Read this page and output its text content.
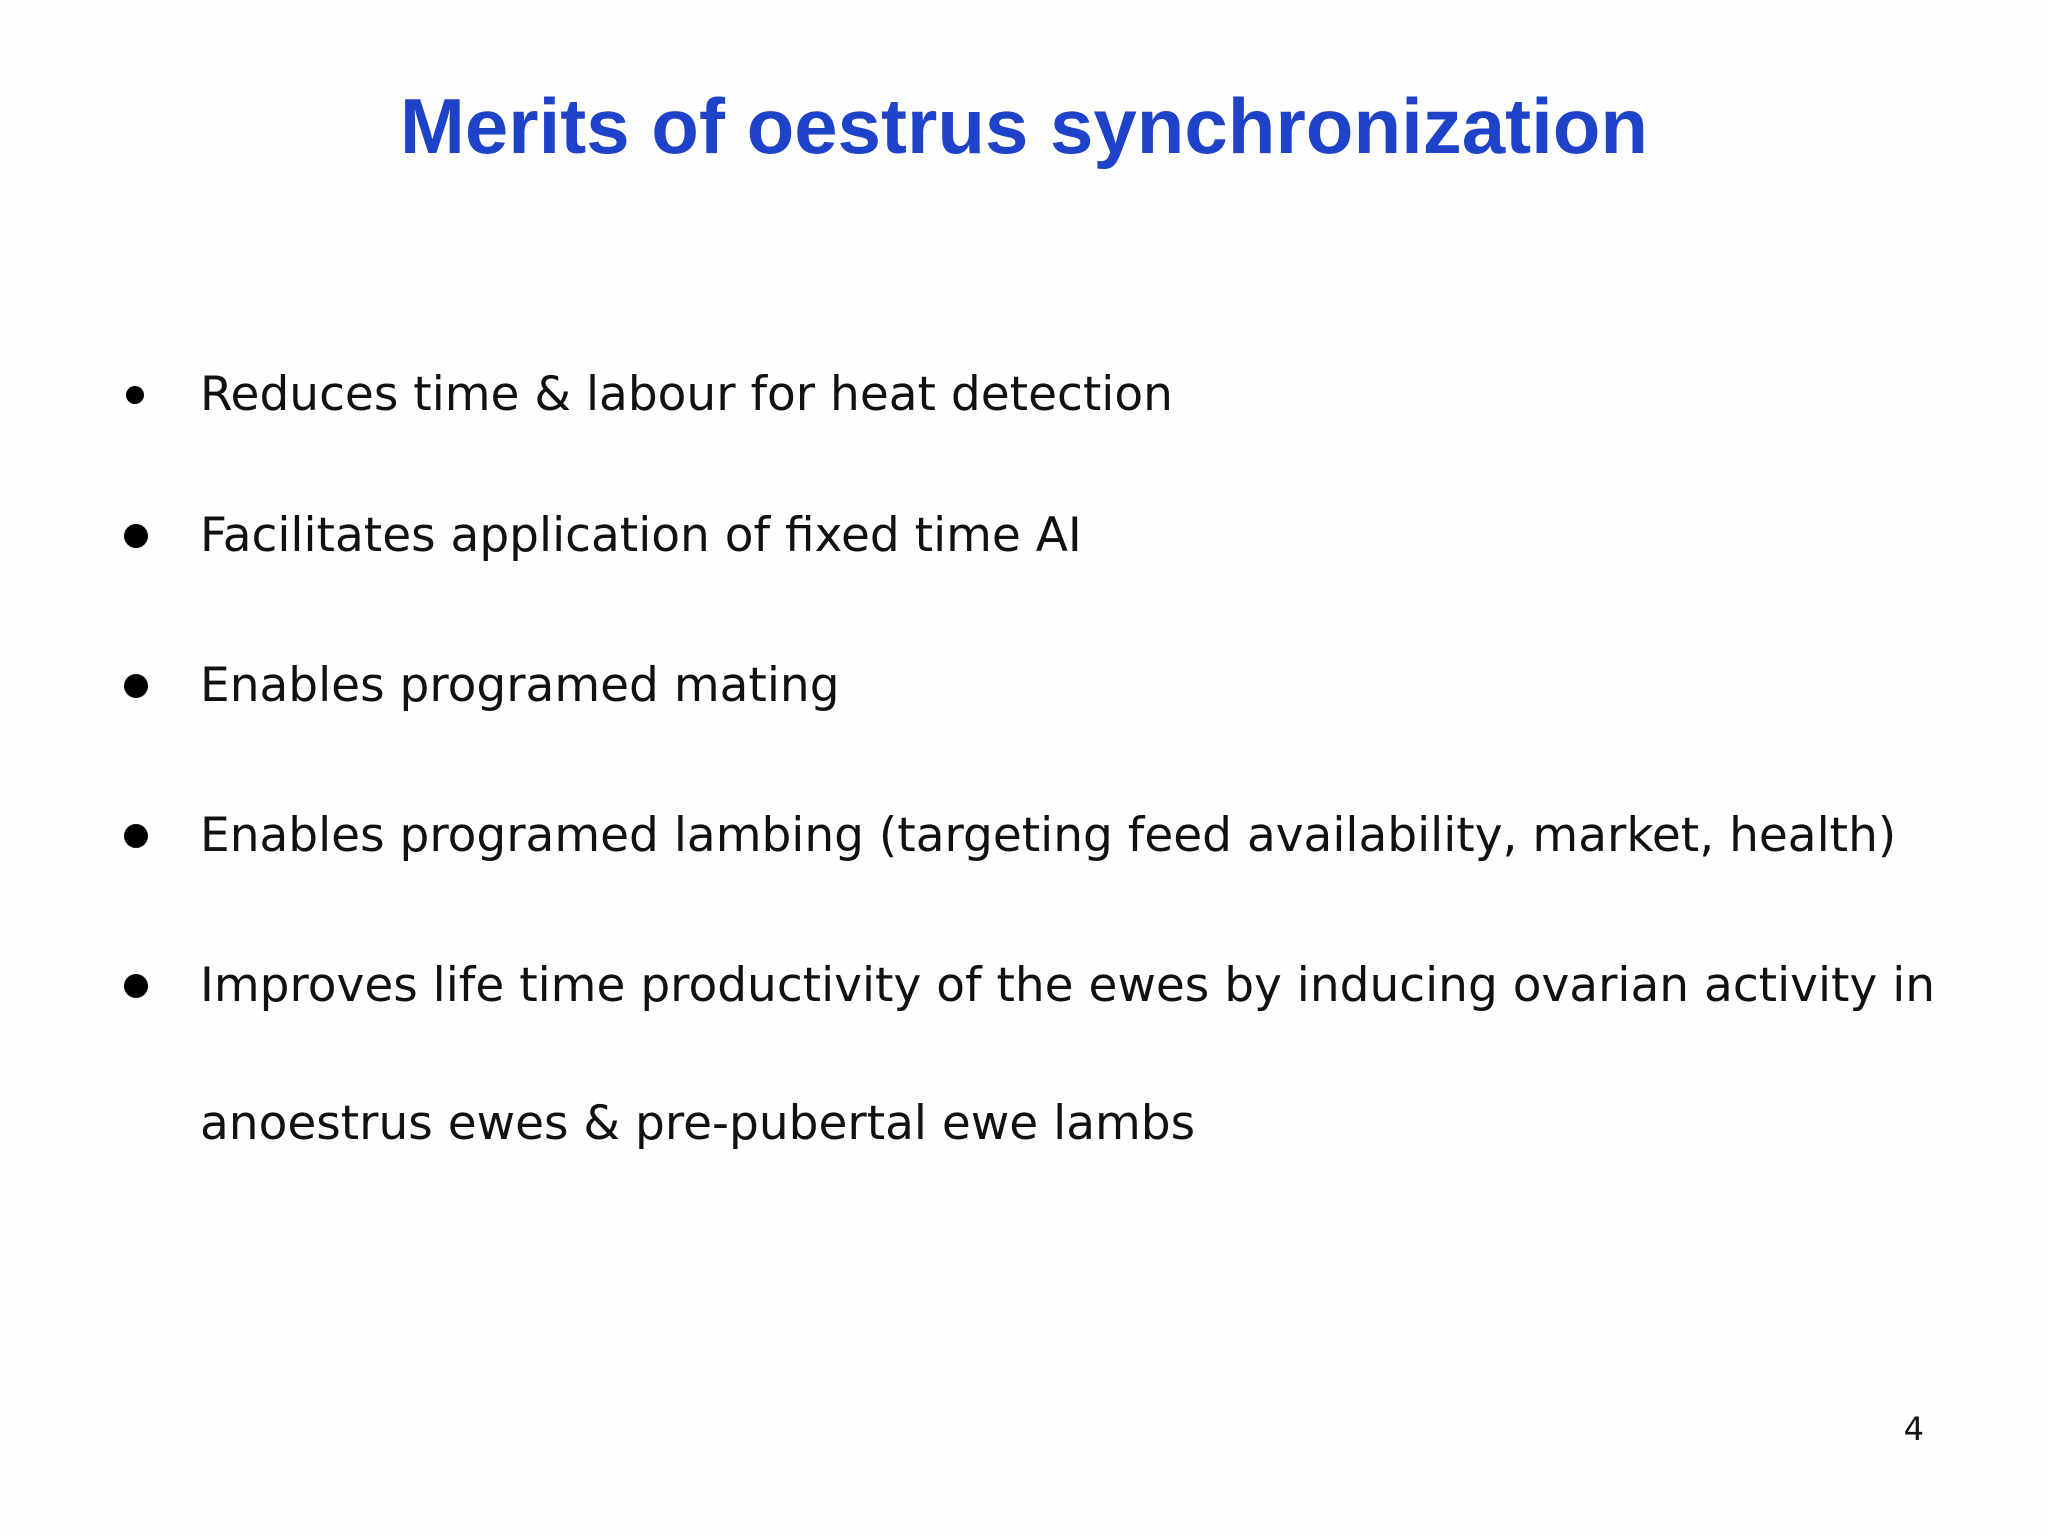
Merits of oestrus synchronization
Reduces time & labour for heat detection
Facilitates application of fixed time AI
Enables programed mating
Enables programed lambing (targeting feed availability, market, health)
Improves life time productivity of the ewes by inducing ovarian activity in anoestrus ewes & pre-pubertal ewe lambs
4
